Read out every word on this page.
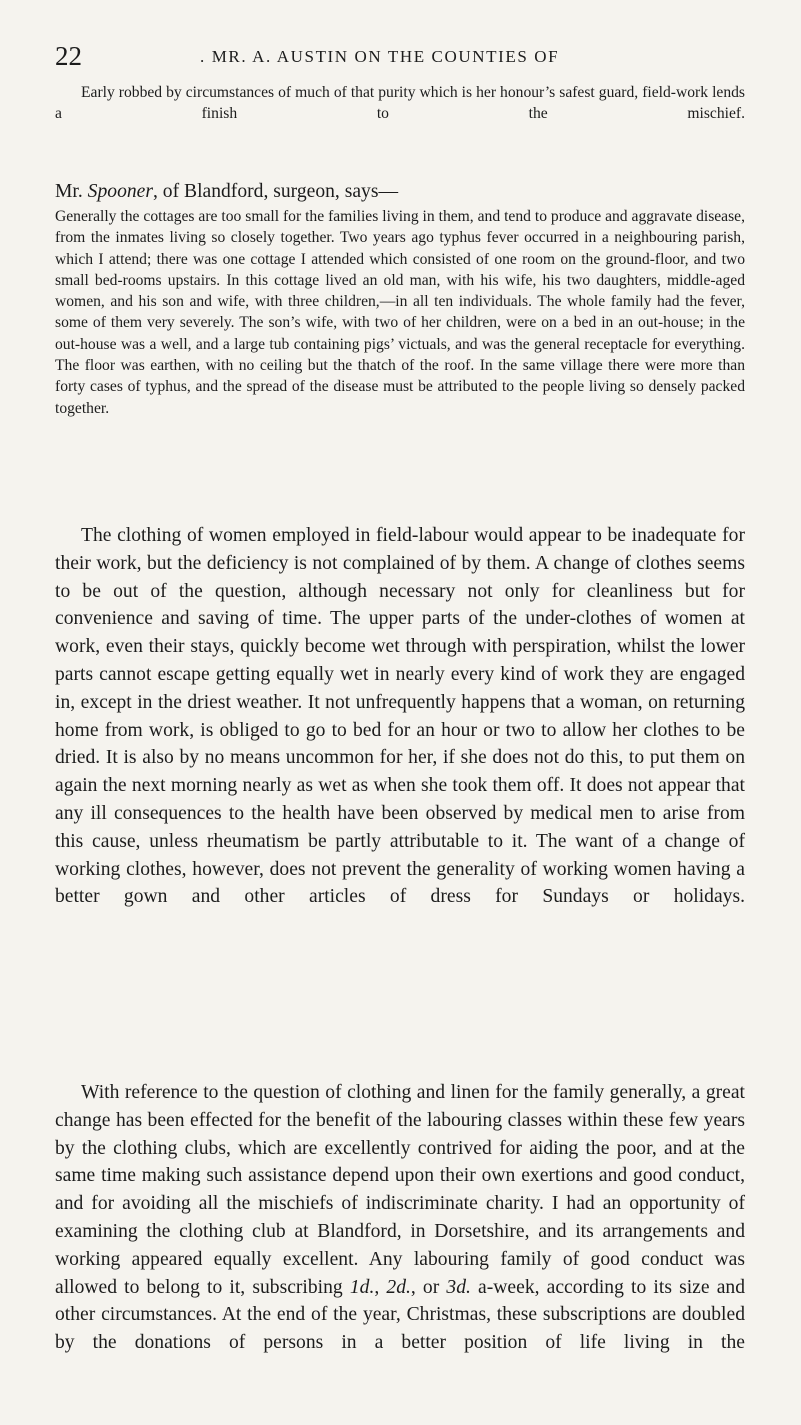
22	. MR. A. AUSTIN ON THE COUNTIES OF

Early robbed by circumstances of much of that purity which is her honour’s safest guard, field-work lends a finish to the mischief.

Mr. Spooner, of Blandford, surgeon, says—

Generally the cottages are too small for the families living in them, and tend to produce and aggravate disease, from the inmates living so closely together. Two years ago typhus fever occurred in a neighbouring parish, which I attend; there was one cottage I attended which consisted of one room on the ground-floor, and two small bed-rooms upstairs. In this cottage lived an old man, with his wife, his two daughters, middle-aged women, and his son and wife, with three children,—in all ten individuals. The whole family had the fever, some of them very severely. The son’s wife, with two of her children, were on a bed in an out-house; in the out-house was a well, and a large tub containing pigs’ victuals, and was the general receptacle for everything. The floor was earthen, with no ceiling but the thatch of the roof. In the same village there were more than forty cases of typhus, and the spread of the disease must be attributed to the people living so densely packed together.

The clothing of women employed in field-labour would appear to be inadequate for their work, but the deficiency is not complained of by them. A change of clothes seems to be out of the question, although necessary not only for cleanliness but for convenience and saving of time. The upper parts of the under-clothes of women at work, even their stays, quickly become wet through with perspiration, whilst the lower parts cannot escape getting equally wet in nearly every kind of work they are engaged in, except in the driest weather. It not unfrequently happens that a woman, on returning home from work, is obliged to go to bed for an hour or two to allow her clothes to be dried. It is also by no means uncommon for her, if she does not do this, to put them on again the next morning nearly as wet as when she took them off. It does not appear that any ill consequences to the health have been observed by medical men to arise from this cause, unless rheumatism be partly attributable to it. The want of a change of working clothes, however, does not prevent the generality of working women having a better gown and other articles of dress for Sundays or holidays.

With reference to the question of clothing and linen for the family generally, a great change has been effected for the benefit of the labouring classes within these few years by the clothing clubs, which are excellently contrived for aiding the poor, and at the same time making such assistance depend upon their own exertions and good conduct, and for avoiding all the mischiefs of indiscriminate charity. I had an opportunity of examining the clothing club at Blandford, in Dorsetshire, and its arrangements and working appeared equally excellent. Any labouring family of good conduct was allowed to belong to it, subscribing 1d., 2d., or 3d. a-week, according to its size and other circumstances. At the end of the year, Christmas, these subscriptions are doubled by the donations of persons in a better position of life living in the
